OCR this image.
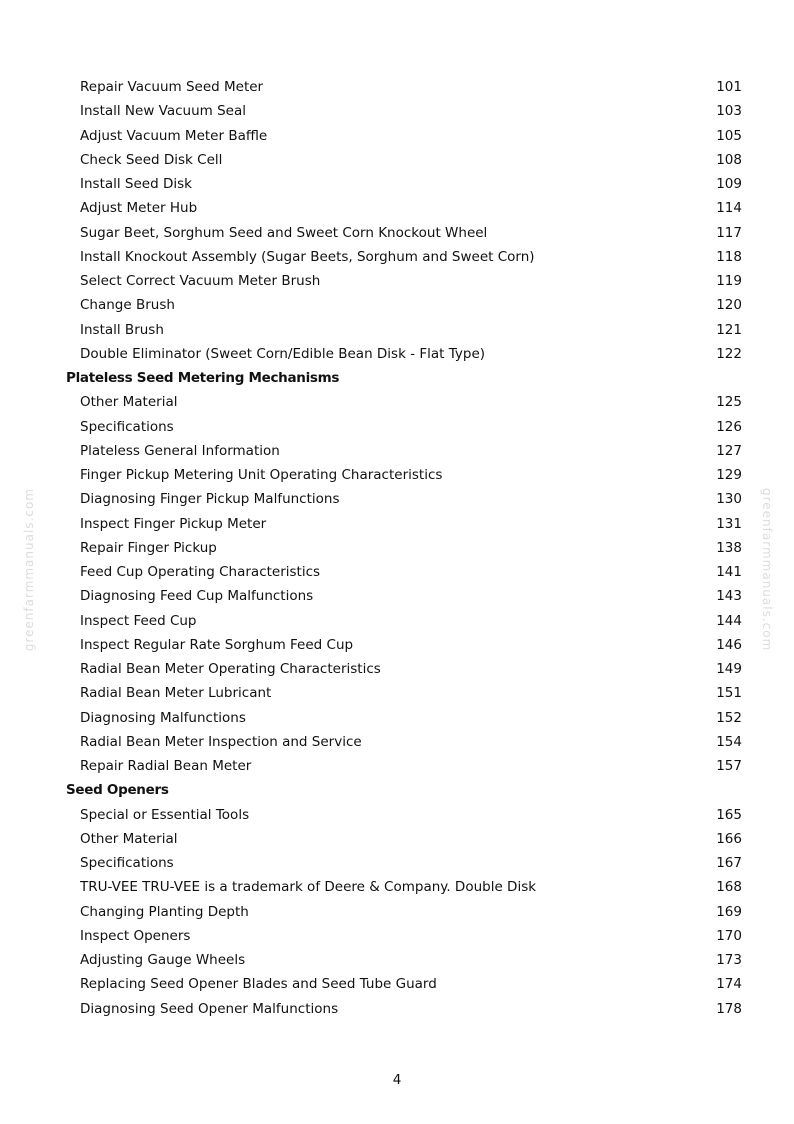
Repair Vacuum Seed Meter	101
Install New Vacuum Seal	103
Adjust Vacuum Meter Baffle	105
Check Seed Disk Cell	108
Install Seed Disk	109
Adjust Meter Hub	114
Sugar Beet, Sorghum Seed and Sweet Corn Knockout Wheel	117
Install Knockout Assembly (Sugar Beets, Sorghum and Sweet Corn)	118
Select Correct Vacuum Meter Brush	119
Change Brush	120
Install Brush	121
Double Eliminator (Sweet Corn/Edible Bean Disk - Flat Type)	122
Plateless Seed Metering Mechanisms
Other Material	125
Specifications	126
Plateless General Information	127
Finger Pickup Metering Unit Operating Characteristics	129
Diagnosing Finger Pickup Malfunctions	130
Inspect Finger Pickup Meter	131
Repair Finger Pickup	138
Feed Cup Operating Characteristics	141
Diagnosing Feed Cup Malfunctions	143
Inspect Feed Cup	144
Inspect Regular Rate Sorghum Feed Cup	146
Radial Bean Meter Operating Characteristics	149
Radial Bean Meter Lubricant	151
Diagnosing Malfunctions	152
Radial Bean Meter Inspection and Service	154
Repair Radial Bean Meter	157
Seed Openers
Special or Essential Tools	165
Other Material	166
Specifications	167
TRU-VEE TRU-VEE is a trademark of Deere & Company. Double Disk	168
Changing Planting Depth	169
Inspect Openers	170
Adjusting Gauge Wheels	173
Replacing Seed Opener Blades and Seed Tube Guard	174
Diagnosing Seed Opener Malfunctions	178
greenfarmmanuals.com	greenfarmmanuals.com
4
